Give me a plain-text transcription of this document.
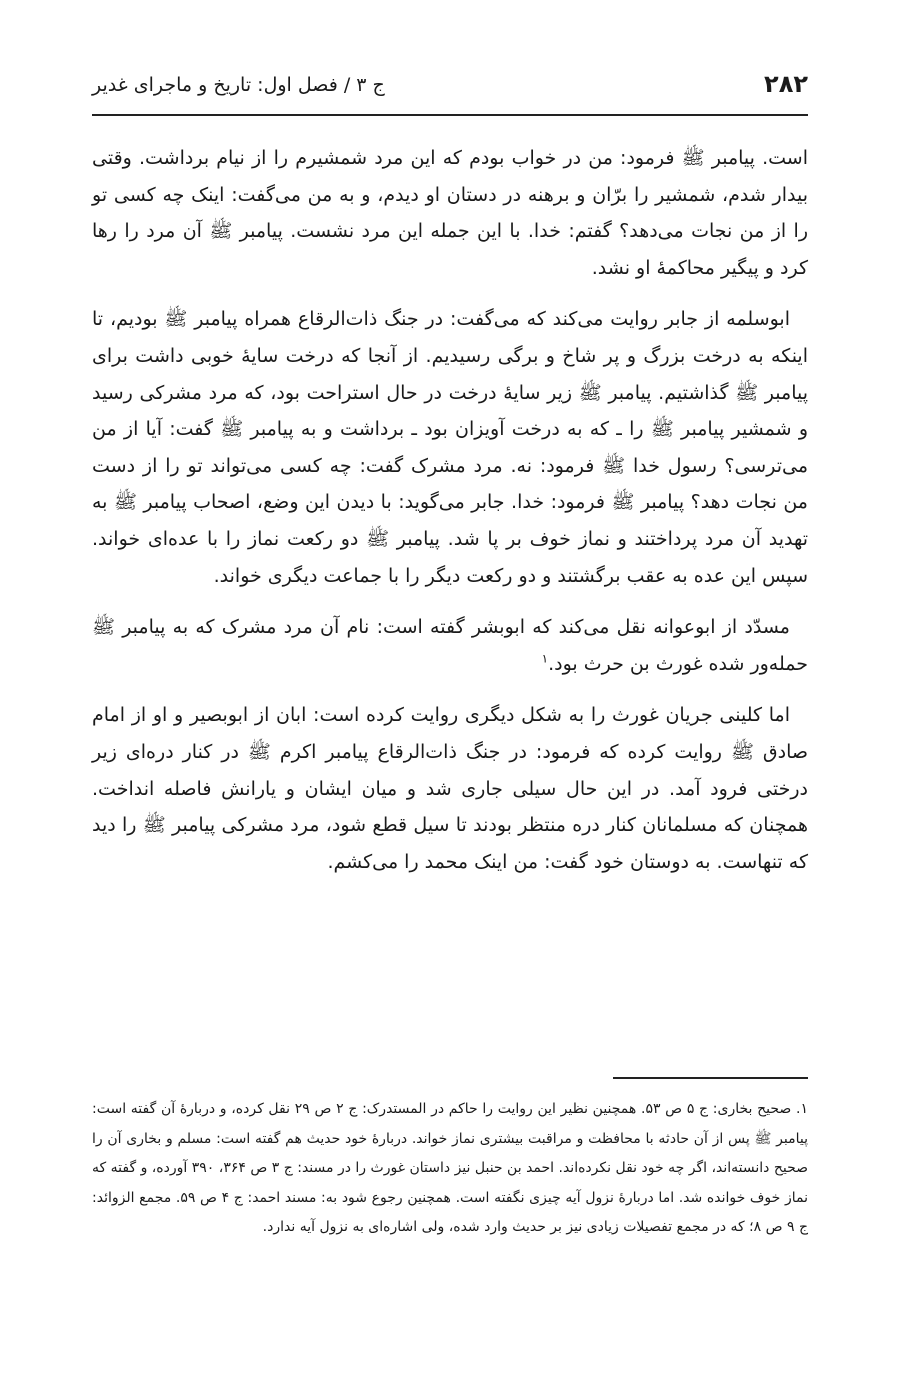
۲۸۲
ج ۳ / فصل اول: تاریخ و ماجرای غدیر

است. پیامبر ﷺ فرمود: من در خواب بودم که این مرد شمشیرم را از نیام برداشت. وقتی بیدار شدم، شمشیر را برّان و برهنه در دستان او دیدم، و به من می‌گفت: اینک چه کسی تو را از من نجات می‌دهد؟ گفتم: خدا. با این جمله این مرد نشست. پیامبر ﷺ آن مرد را رها کرد و پیگیر محاکمهٔ او نشد.

ابوسلمه از جابر روایت می‌کند که می‌گفت: در جنگ ذات‌الرقاع همراه پیامبر ﷺ بودیم، تا اینکه به درخت بزرگ و پر شاخ و برگی رسیدیم. از آنجا که درخت سایهٔ خوبی داشت برای پیامبر ﷺ گذاشتیم. پیامبر ﷺ زیر سایهٔ درخت در حال استراحت بود، که مرد مشرکی رسید و شمشیر پیامبر ﷺ را ـ که به درخت آویزان بود ـ برداشت و به پیامبر ﷺ گفت: آیا از من می‌ترسی؟ رسول خدا ﷺ فرمود: نه. مرد مشرک گفت: چه کسی می‌تواند تو را از دست من نجات دهد؟ پیامبر ﷺ فرمود: خدا. جابر می‌گوید: با دیدن این وضع، اصحاب پیامبر ﷺ به تهدید آن مرد پرداختند و نماز خوف بر پا شد. پیامبر ﷺ دو رکعت نماز را با عده‌ای خواند. سپس این عده به عقب برگشتند و دو رکعت دیگر را با جماعت دیگری خواند.

مسدّد از ابوعوانه نقل می‌کند که ابوبشر گفته است: نام آن مرد مشرک که به پیامبر ﷺ حمله‌ور شده غورث بن حرث بود.$^۱$

اما کلینی جریان غورث را به شکل دیگری روایت کرده است: ابان از ابوبصیر و او از امام صادق ﷺ روایت کرده که فرمود: در جنگ ذات‌الرقاع پیامبر اکرم ﷺ در کنار دره‌ای زیر درختی فرود آمد. در این حال سیلی جاری شد و میان ایشان و یارانش فاصله انداخت. همچنان که مسلمانان کنار دره منتظر بودند تا سیل قطع شود، مرد مشرکی پیامبر ﷺ را دید که تنهاست. به دوستان خود گفت: من اینک محمد را می‌کشم.

۱. صحیح بخاری: ج ۵ ص ۵۳. همچنین نظیر این روایت را حاکم در المستدرک: ج ۲ ص ۲۹ نقل کرده، و دربارهٔ آن گفته است: پیامبر ﷺ پس از آن حادثه با محافظت و مراقبت بیشتری نماز خواند. دربارهٔ خود حدیث هم گفته است: مسلم و بخاری آن را صحیح دانسته‌اند، اگر چه خود نقل نکرده‌اند. احمد بن حنبل نیز داستان غورث را در مسند: ج ۳ ص ۳۶۴، ۳۹۰ آورده، و گفته که نماز خوف خوانده شد. اما دربارهٔ نزول آیه چیزی نگفته است. همچنین رجوع شود به: مسند احمد: ج ۴ ص ۵۹. مجمع الزوائد: ج ۹ ص ۸؛ که در مجمع تفصیلات زیادی نیز بر حدیث وارد شده، ولی اشاره‌ای به نزول آیه ندارد.
